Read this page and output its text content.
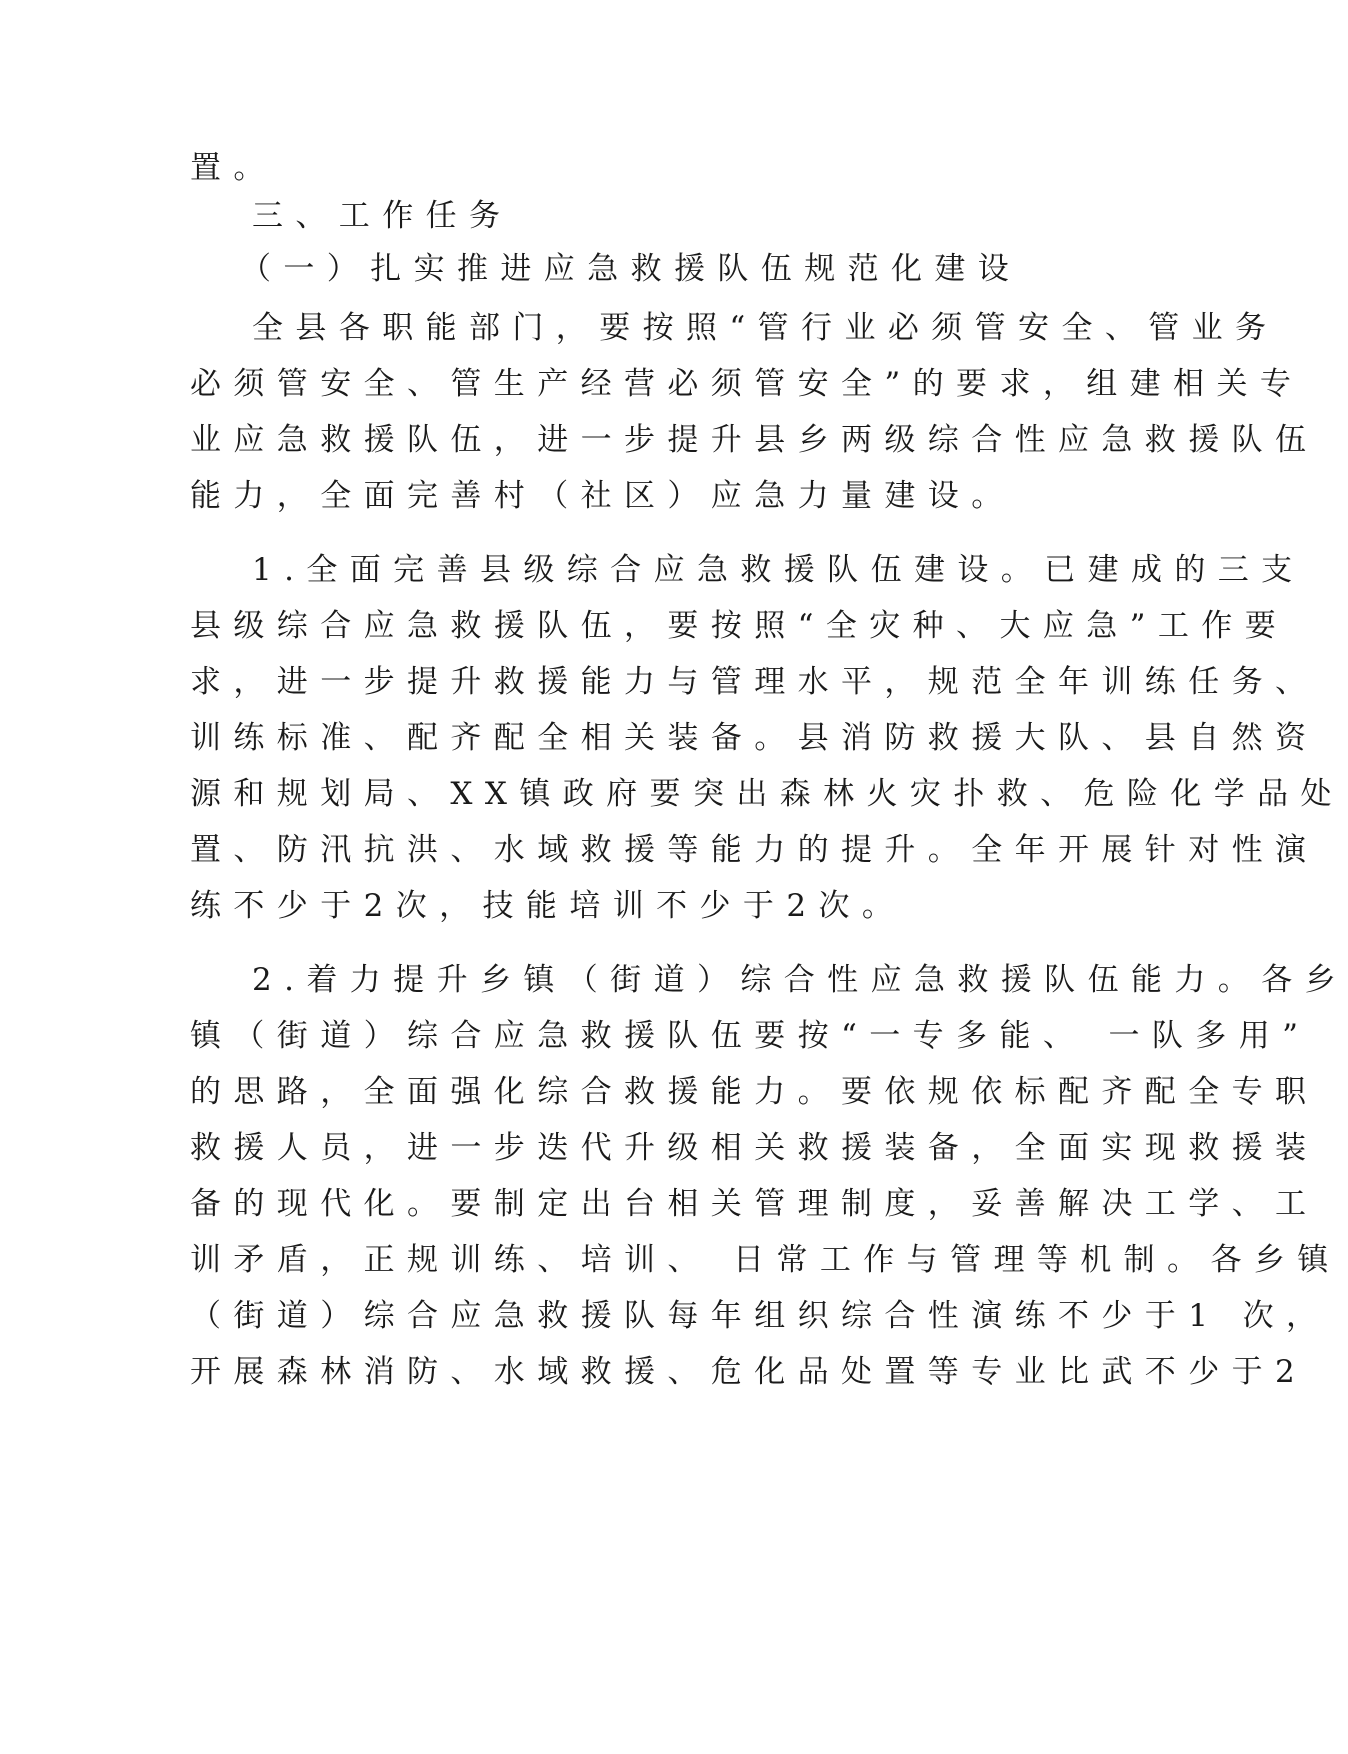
置。
三、工作任务
（一）扎实推进应急救援队伍规范化建设
全县各职能部门，要按照“管行业必须管安全、管业务
必须管安全、管生产经营必须管安全”的要求，组建相关专
业应急救援队伍，进一步提升县乡两级综合性应急救援队伍
能力，全面完善村（社区）应急力量建设。
1.全面完善县级综合应急救援队伍建设。已建成的三支
县级综合应急救援队伍，要按照“全灾种、大应急”工作要
求，进一步提升救援能力与管理水平，规范全年训练任务、
训练标准、配齐配全相关装备。县消防救援大队、县自然资
源和规划局、XX镇政府要突出森林火灾扑救、危险化学品处
置、防汛抗洪、水域救援等能力的提升。全年开展针对性演
练不少于2次，技能培训不少于2次。
2.着力提升乡镇（街道）综合性应急救援队伍能力。各乡
镇（街道）综合应急救援队伍要按“一专多能、 一队多用”
的思路，全面强化综合救援能力。要依规依标配齐配全专职
救援人员，进一步迭代升级相关救援装备，全面实现救援装
备的现代化。要制定出台相关管理制度，妥善解决工学、工
训矛盾，正规训练、培训、 日常工作与管理等机制。各乡镇
（街道）综合应急救援队每年组织综合性演练不少于1 次，
开展森林消防、水域救援、危化品处置等专业比武不少于2
